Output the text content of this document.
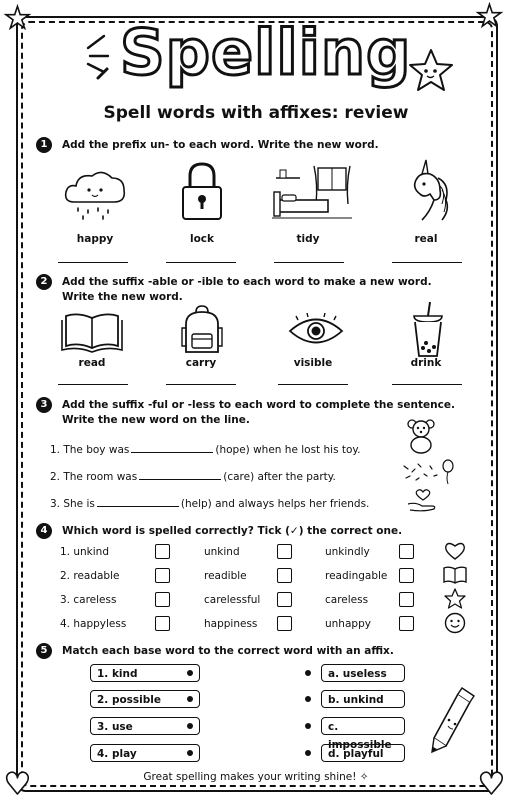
★	★
♥	♥
Spelling
Spell words with affixes: review
1	Add the prefix un- to each word. Write the new word.
happy	lock	tidy	real
2	Add the suffix -able or -ible to each word to make a new word.
Write the new word.
read	carry	visible	drink
3	Add the suffix -ful or -less to each word to complete the sentence.
Write the new word on the line.
1. The boy was	(hope) when he lost his toy.
2. The room was	(care) after the party.
3. She is	(help) and always helps her friends.
4	Which word is spelled correctly? Tick (✓) the correct one.
1. unkind	unkind	unkindly
2. readable	readible	readingable
3. careless	carelessful	careless
4. happyless	happiness	unhappy
5	Match each base word to the correct word with an affix.
1. kind
2. possible
3. use
4. play
a. useless
b. unkind
c. impossible
d. playful
Great spelling makes your writing shine! ✧
